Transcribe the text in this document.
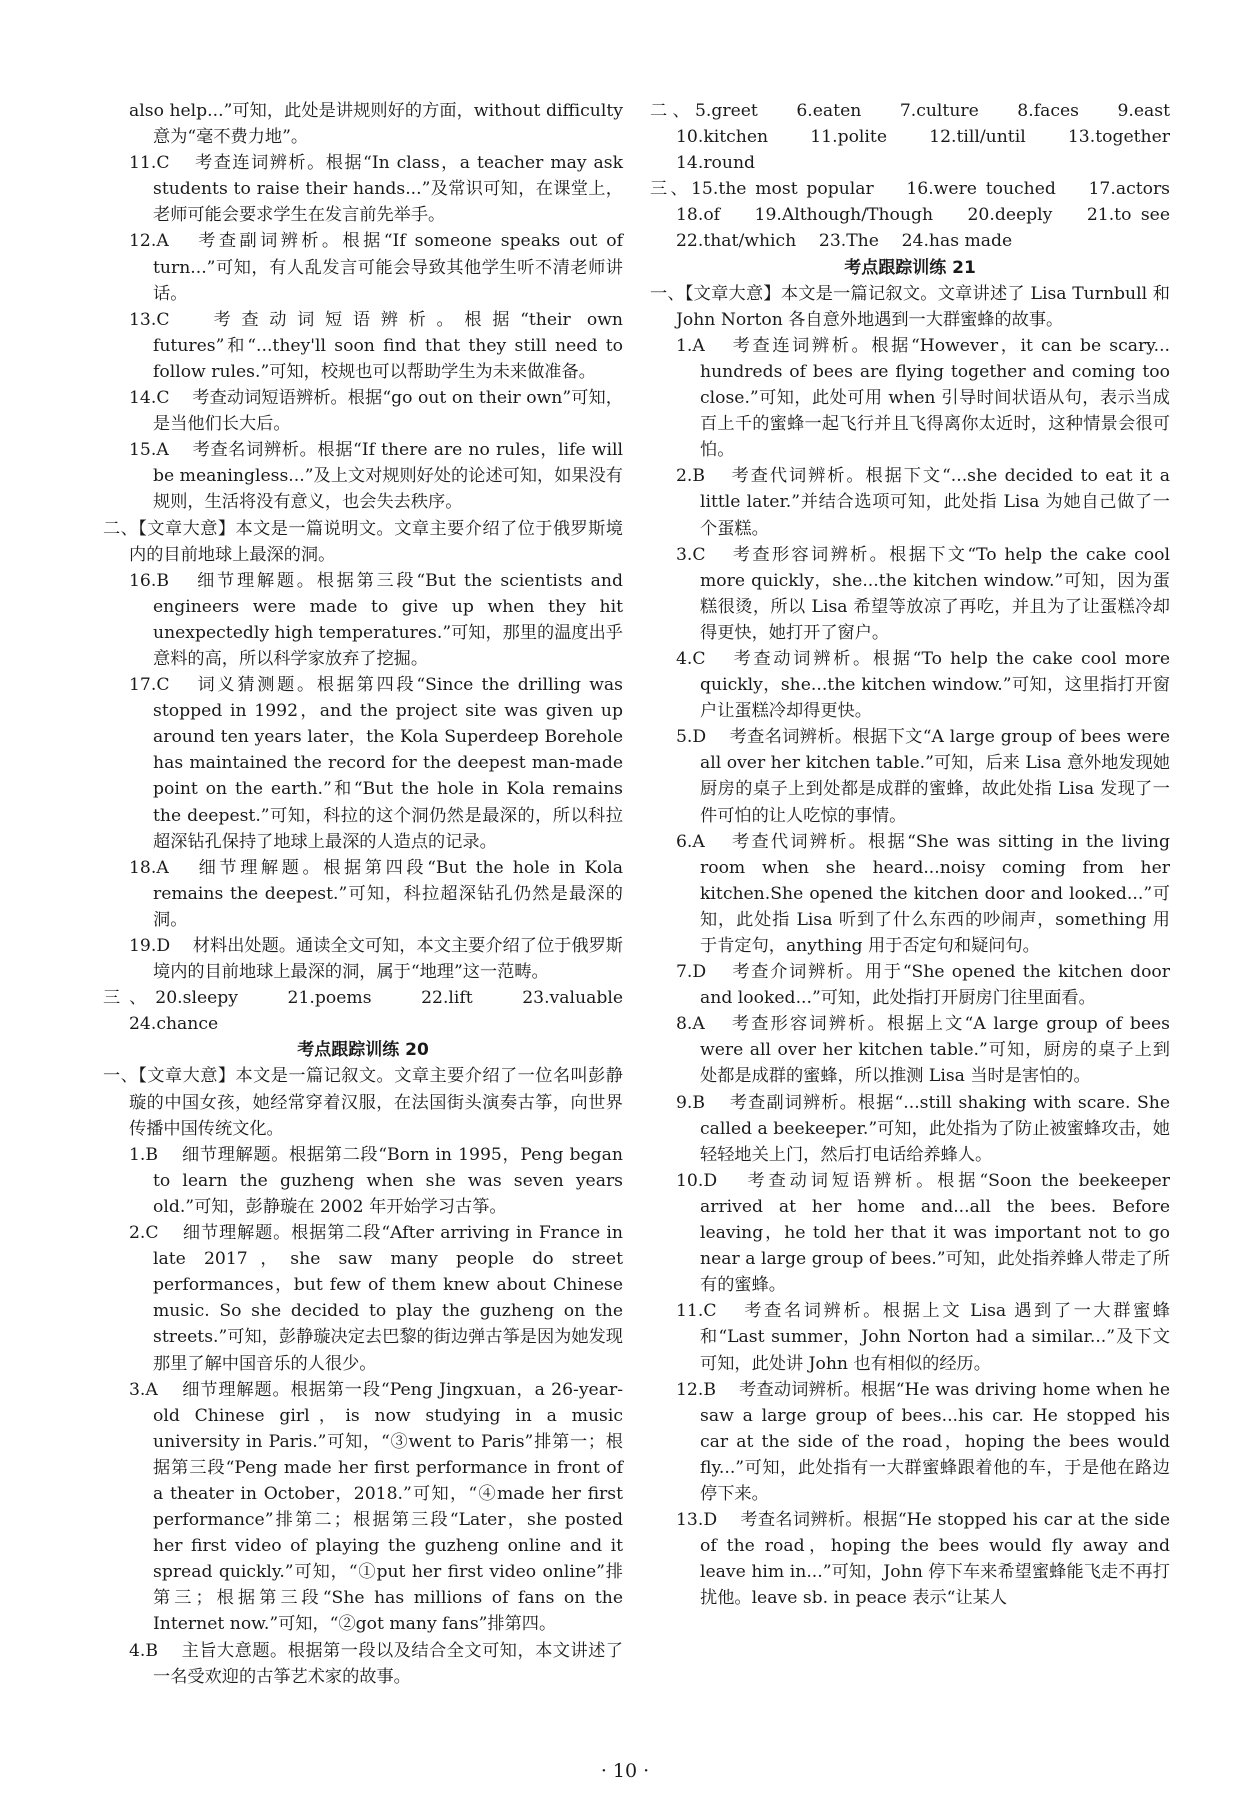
also help...”可知，此处是讲规则好的方面，without difficulty 意为“毫不费力地”。

11.C 　考查连词辨析。根据“In class，a teacher may ask students to raise their hands...”及常识可知，在课堂上，老师可能会要求学生在发言前先举手。

12.A 　考查副词辨析。根据“If someone speaks out of turn...”可知，有人乱发言可能会导致其他学生听不清老师讲话。

13.C 　考查动词短语辨析。根据“their own futures”和“...they'll soon find that they still need to follow rules.”可知，校规也可以帮助学生为未来做准备。

14.C 　考查动词短语辨析。根据“go out on their own”可知，是当他们长大后。

15.A 　考查名词辨析。根据“If there are no rules，life will be meaningless...”及上文对规则好处的论述可知，如果没有规则，生活将没有意义，也会失去秩序。

二、【文章大意】本文是一篇说明文。文章主要介绍了位于俄罗斯境内的目前地球上最深的洞。

16.B 　细节理解题。根据第三段“But the scientists and engineers were made to give up when they hit unexpectedly high temperatures.”可知，那里的温度出乎意料的高，所以科学家放弃了挖掘。

17.C 　词义猜测题。根据第四段“Since the drilling was stopped in 1992，and the project site was given up around ten years later，the Kola Superdeep Borehole has maintained the record for the deepest man-made point on the earth.”和“But the hole in Kola remains the deepest.”可知，科拉的这个洞仍然是最深的，所以科拉超深钻孔保持了地球上最深的人造点的记录。

18.A 　细节理解题。根据第四段“But the hole in Kola remains the deepest.”可知，科拉超深钻孔仍然是最深的洞。

19.D 　材料出处题。通读全文可知，本文主要介绍了位于俄罗斯境内的目前地球上最深的洞，属于“地理”这一范畴。

三、20.sleepy　 21.poems　 22.lift　 23.valuable　 24.chance

考点跟踪训练 20

一、【文章大意】本文是一篇记叙文。文章主要介绍了一位名叫彭静璇的中国女孩，她经常穿着汉服，在法国街头演奏古筝，向世界传播中国传统文化。

1.B 　细节理解题。根据第二段“Born in 1995，Peng began to learn the guzheng when she was seven years old.”可知，彭静璇在 2002 年开始学习古筝。

2.C 　细节理解题。根据第二段“After arriving in France in late 2017，she saw many people do street performances，but few of them knew about Chinese music. So she decided to play the guzheng on the streets.”可知，彭静璇决定去巴黎的街边弹古筝是因为她发现那里了解中国音乐的人很少。

3.A 　细节理解题。根据第一段“Peng Jingxuan，a 26-year-old Chinese girl，is now studying in a music university in Paris.”可知，“③went to Paris”排第一；根据第三段“Peng made her first performance in front of a theater in October，2018.”可知，“④made her first performance”排第二；根据第三段“Later，she posted her first video of playing the guzheng online and it spread quickly.”可知，“①put her first video online”排第三；根据第三段“She has millions of fans on the Internet now.”可知，“②got many fans”排第四。

4.B 　主旨大意题。根据第一段以及结合全文可知，本文讲述了一名受欢迎的古筝艺术家的故事。

二、5.greet　 6.eaten　 7.culture　 8.faces　 9.east 10.kitchen　 11.polite　 12.till/until　 13.together 14.round

三、15.the most popular　 16.were touched　 17.actors 18.of　 19.Although/Though　 20.deeply　 21.to see 22.that/which　 23.The　 24.has made

考点跟踪训练 21

一、【文章大意】本文是一篇记叙文。文章讲述了 Lisa Turnbull 和 John Norton 各自意外地遇到一大群蜜蜂的故事。

1.A 　考查连词辨析。根据“However，it can be scary... hundreds of bees are flying together and coming too close.”可知，此处可用 when 引导时间状语从句，表示当成百上千的蜜蜂一起飞行并且飞得离你太近时，这种情景会很可怕。

2.B 　考查代词辨析。根据下文“...she decided to eat it a little later.”并结合选项可知，此处指 Lisa 为她自己做了一个蛋糕。

3.C 　考查形容词辨析。根据下文“To help the cake cool more quickly，she...the kitchen window.”可知，因为蛋糕很烫，所以 Lisa 希望等放凉了再吃，并且为了让蛋糕冷却得更快，她打开了窗户。

4.C 　考查动词辨析。根据“To help the cake cool more quickly，she...the kitchen window.”可知，这里指打开窗户让蛋糕冷却得更快。

5.D 　考查名词辨析。根据下文“A large group of bees were all over her kitchen table.”可知，后来 Lisa 意外地发现她厨房的桌子上到处都是成群的蜜蜂，故此处指 Lisa 发现了一件可怕的让人吃惊的事情。

6.A 　考查代词辨析。根据“She was sitting in the living room when she heard...noisy coming from her kitchen.She opened the kitchen door and looked...”可知，此处指 Lisa 听到了什么东西的吵闹声，something 用于肯定句，anything 用于否定句和疑问句。

7.D 　考查介词辨析。用于“She opened the kitchen door and looked...”可知，此处指打开厨房门往里面看。

8.A 　考查形容词辨析。根据上文“A large group of bees were all over her kitchen table.”可知，厨房的桌子上到处都是成群的蜜蜂，所以推测 Lisa 当时是害怕的。

9.B 　考查副词辨析。根据“...still shaking with scare. She called a beekeeper.”可知，此处指为了防止被蜜蜂攻击，她轻轻地关上门，然后打电话给养蜂人。

10.D 　考查动词短语辨析。根据“Soon the beekeeper arrived at her home and...all the bees. Before leaving，he told her that it was important not to go near a large group of bees.”可知，此处指养蜂人带走了所有的蜜蜂。

11.C 　考查名词辨析。根据上文 Lisa 遇到了一大群蜜蜂和“Last summer，John Norton had a similar...”及下文可知，此处讲 John 也有相似的经历。

12.B 　考查动词辨析。根据“He was driving home when he saw a large group of bees...his car. He stopped his car at the side of the road，hoping the bees would fly...”可知，此处指有一大群蜜蜂跟着他的车，于是他在路边停下来。

13.D 　考查名词辨析。根据“He stopped his car at the side of the road，hoping the bees would fly away and leave him in...”可知，John 停下车来希望蜜蜂能飞走不再打扰他。leave sb. in peace 表示“让某人

​
​
· 10 ·
